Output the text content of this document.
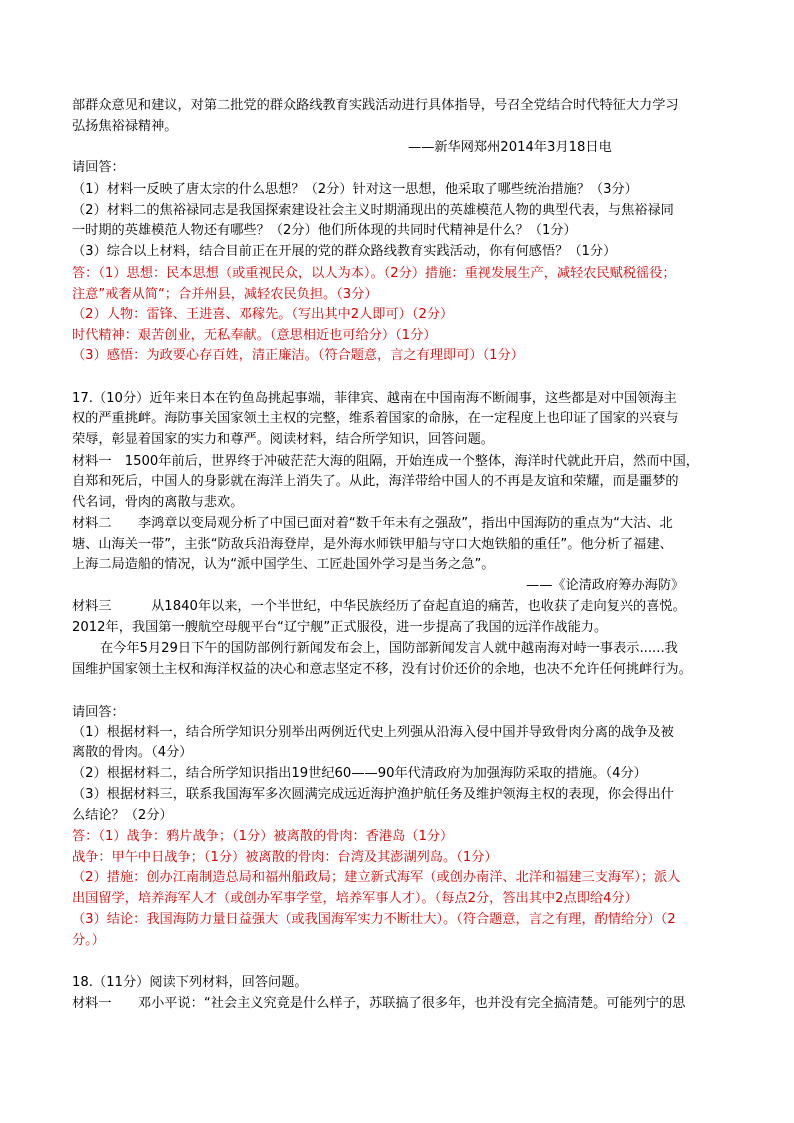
部群众意见和建议，对第二批党的群众路线教育实践活动进行具体指导，号召全党结合时代特征大力学习
弘扬焦裕禄精神。
——新华网郑州2014年3月18日电
请回答：
（1）材料一反映了唐太宗的什么思想？（2分）针对这一思想，他采取了哪些统治措施？（3分）
（2）材料二的焦裕禄同志是我国探索建设社会主义时期涌现出的英雄模范人物的典型代表，与焦裕禄同
一时期的英雄模范人物还有哪些？（2分）他们所体现的共同时代精神是什么？（1分）
（3）综合以上材料，结合目前正在开展的党的群众路线教育实践活动，你有何感悟？（1分）
答：（1）思想：民本思想（或重视民众，以人为本）。（2分）措施：重视发展生产，减轻农民赋税徭役；
注意”戒奢从简“；合并州县，减轻农民负担。（3分）
（2）人物：雷锋、王进喜、邓稼先。（写出其中2人即可）（2分）
时代精神：艰苦创业，无私奉献。（意思相近也可给分）（1分）
（3）感悟：为政要心存百姓，清正廉洁。（符合题意，言之有理即可）（1分）
17.（10分）近年来日本在钓鱼岛挑起事端，菲律宾、越南在中国南海不断闹事，这些都是对中国领海主
权的严重挑衅。海防事关国家领土主权的完整，维系着国家的命脉，在一定程度上也印证了国家的兴衰与
荣辱，彰显着国家的实力和尊严。阅读材料，结合所学知识，回答问题。
材料一　1500年前后，世界终于冲破茫茫大海的阻隔，开始连成一个整体，海洋时代就此开启，然而中国，
自郑和死后，中国人的身影就在海洋上消失了。从此，海洋带给中国人的不再是友谊和荣耀，而是噩梦的
代名词，骨肉的离散与悲欢。
材料二　　李鸿章以变局观分析了中国已面对着“数千年未有之强敌”，指出中国海防的重点为“大沽、北
塘、山海关一带”，主张“防敌兵沿海登岸，是外海水师铁甲船与守口大炮铁船的重任”。他分析了福建、
上海二局造船的情况，认为“派中国学生、工匠赴国外学习是当务之急”。
——《论清政府筹办海防》
材料三　　　从1840年以来，一个半世纪，中华民族经历了奋起直追的痛苦，也收获了走向复兴的喜悦。
2012年，我国第一艘航空母舰平台“辽宁舰”正式服役，进一步提高了我国的远洋作战能力。
在今年5月29日下午的国防部例行新闻发布会上，国防部新闻发言人就中越南海对峙一事表示......我
国维护国家领土主权和海洋权益的决心和意志坚定不移，没有讨价还价的余地，也决不允许任何挑衅行为。
请回答：
（1）根据材料一，结合所学知识分别举出两例近代史上列强从沿海入侵中国并导致骨肉分离的战争及被
离散的骨肉。（4分）
（2）根据材料二，结合所学知识指出19世纪60——90年代清政府为加强海防采取的措施。（4分）
（3）根据材料三，联系我国海军多次圆满完成远近海护渔护航任务及维护领海主权的表现，你会得出什
么结论？（2分）
答：（1）战争：鸦片战争；（1分）被离散的骨肉：香港岛（1分）
战争：甲午中日战争；（1分）被离散的骨肉：台湾及其澎湖列岛。（1分）
（2）措施：创办江南制造总局和福州船政局；建立新式海军（或创办南洋、北洋和福建三支海军）；派人
出国留学，培养海军人才（或创办军事学堂，培养军事人才）。（每点2分，答出其中2点即给4分）
（3）结论：我国海防力量日益强大（或我国海军实力不断壮大）。（符合题意，言之有理，酌情给分）（2
分。）
18.（11分）阅读下列材料，回答问题。
材料一　　邓小平说：“社会主义究竟是什么样子，苏联搞了很多年，也并没有完全搞清楚。可能列宁的思
